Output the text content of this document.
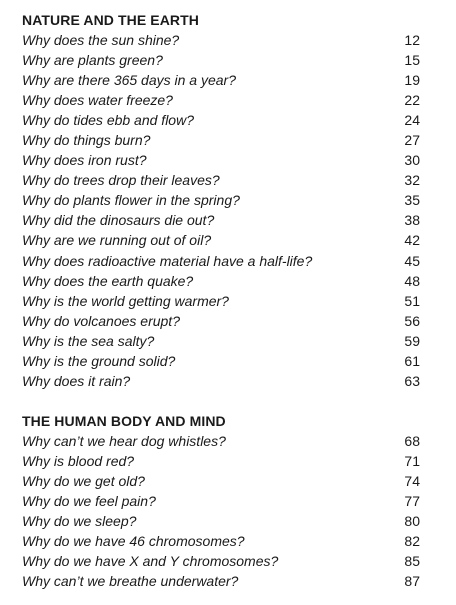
NATURE AND THE EARTH
Why does the sun shine?	12
Why are plants green?	15
Why are there 365 days in a year?	19
Why does water freeze?	22
Why do tides ebb and flow?	24
Why do things burn?	27
Why does iron rust?	30
Why do trees drop their leaves?	32
Why do plants flower in the spring?	35
Why did the dinosaurs die out?	38
Why are we running out of oil?	42
Why does radioactive material have a half-life?	45
Why does the earth quake?	48
Why is the world getting warmer?	51
Why do volcanoes erupt?	56
Why is the sea salty?	59
Why is the ground solid?	61
Why does it rain?	63
THE HUMAN BODY AND MIND
Why can’t we hear dog whistles?	68
Why is blood red?	71
Why do we get old?	74
Why do we feel pain?	77
Why do we sleep?	80
Why do we have 46 chromosomes?	82
Why do we have X and Y chromosomes?	85
Why can’t we breathe underwater?	87
